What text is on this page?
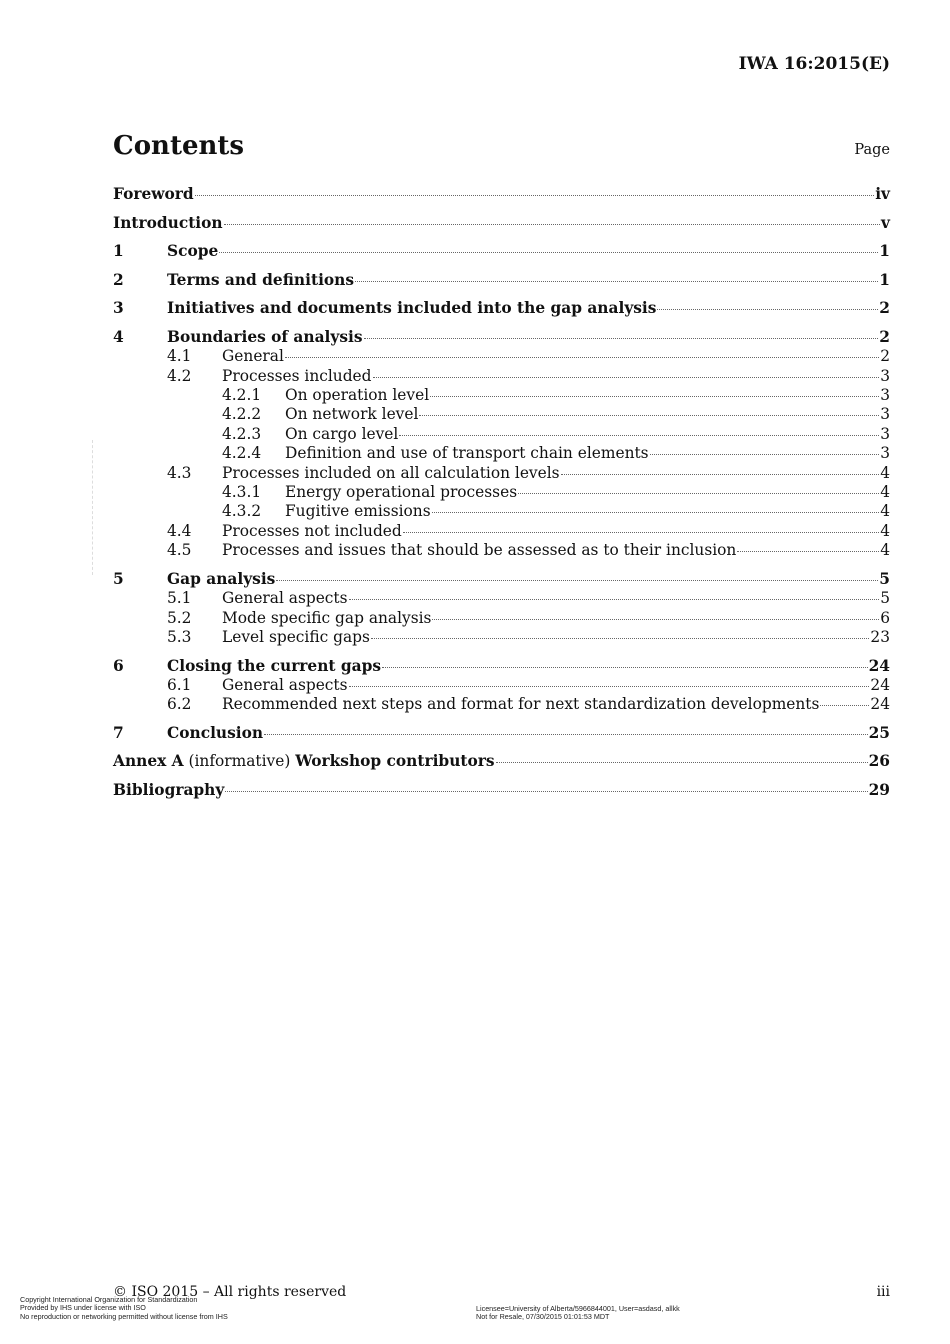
IWA 16:2015(E)
Contents	Page
Foreword	iv
Introduction	v
1	Scope	1
2	Terms and definitions	1
3	Initiatives and documents included into the gap analysis	2
4	Boundaries of analysis	2
4.1	General	2
4.2	Processes included	3
4.2.1	On operation level	3
4.2.2	On network level	3
4.2.3	On cargo level	3
4.2.4	Definition and use of transport chain elements	3
4.3	Processes included on all calculation levels	4
4.3.1	Energy operational processes	4
4.3.2	Fugitive emissions	4
4.4	Processes not included	4
4.5	Processes and issues that should be assessed as to their inclusion	4
5	Gap analysis	5
5.1	General aspects	5
5.2	Mode specific gap analysis	6
5.3	Level specific gaps	23
6	Closing the current gaps	24
6.1	General aspects	24
6.2	Recommended next steps and format for next standardization developments	24
7	Conclusion	25
Annex A (informative) Workshop contributors	26
Bibliography	29
© ISO 2015 – All rights reserved	iii
Copyright International Organization for Standardization
Provided by IHS under license with ISO
No reproduction or networking permitted without license from IHS
Licensee=University of Alberta/5966844001, User=asdasd, allkk
Not for Resale, 07/30/2015 01:01:53 MDT
